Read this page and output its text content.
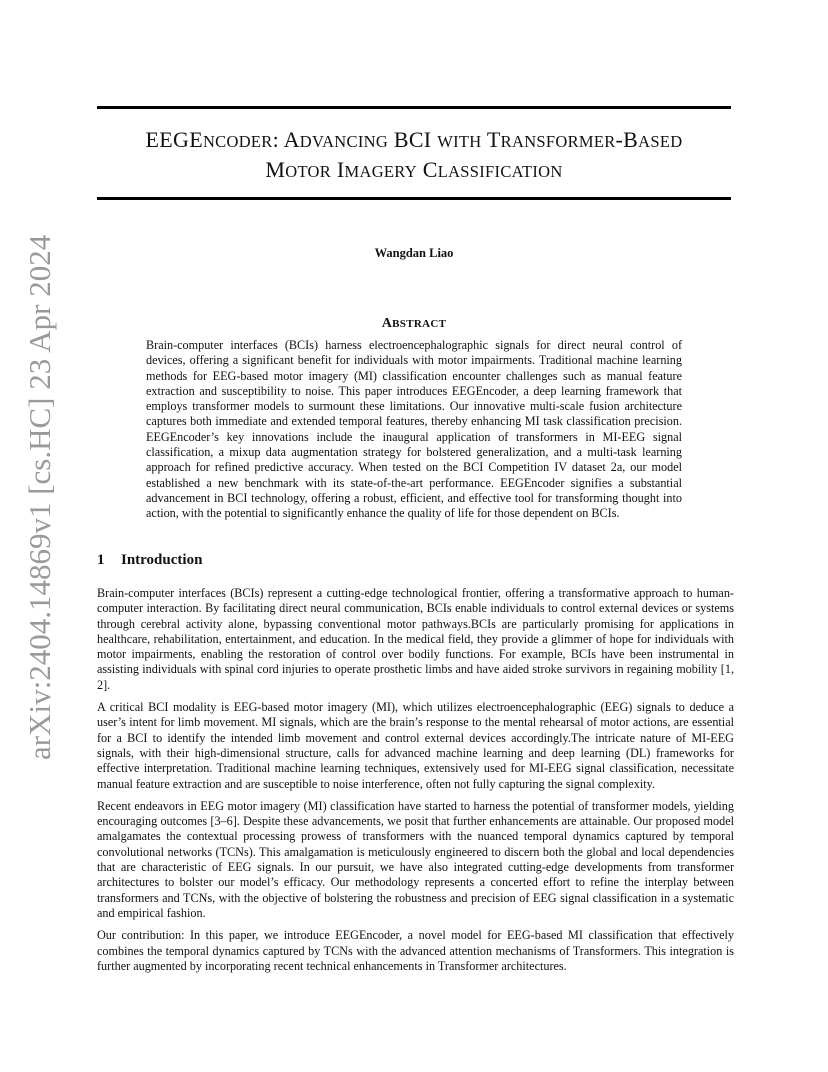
arXiv:2404.14869v1 [cs.HC] 23 Apr 2024
EEGENCODER: ADVANCING BCI WITH TRANSFORMER-BASED
MOTOR IMAGERY CLASSIFICATION
Wangdan Liao
ABSTRACT
Brain-computer interfaces (BCIs) harness electroencephalographic signals for direct neural control of devices, offering a significant benefit for individuals with motor impairments. Traditional machine learning methods for EEG-based motor imagery (MI) classification encounter challenges such as manual feature extraction and susceptibility to noise. This paper introduces EEGEncoder, a deep learning framework that employs transformer models to surmount these limitations. Our innovative multi-scale fusion architecture captures both immediate and extended temporal features, thereby enhancing MI task classification precision. EEGEncoder’s key innovations include the inaugural application of transformers in MI-EEG signal classification, a mixup data augmentation strategy for bolstered generalization, and a multi-task learning approach for refined predictive accuracy. When tested on the BCI Competition IV dataset 2a, our model established a new benchmark with its state-of-the-art performance. EEGEncoder signifies a substantial advancement in BCI technology, offering a robust, efficient, and effective tool for transforming thought into action, with the potential to significantly enhance the quality of life for those dependent on BCIs.
1 Introduction

Brain-computer interfaces (BCIs) represent a cutting-edge technological frontier, offering a transformative approach to human-computer interaction. By facilitating direct neural communication, BCIs enable individuals to control external devices or systems through cerebral activity alone, bypassing conventional motor pathways.BCIs are particularly promising for applications in healthcare, rehabilitation, entertainment, and education. In the medical field, they provide a glimmer of hope for individuals with motor impairments, enabling the restoration of control over bodily functions. For example, BCIs have been instrumental in assisting individuals with spinal cord injuries to operate prosthetic limbs and have aided stroke survivors in regaining mobility [1, 2].

A critical BCI modality is EEG-based motor imagery (MI), which utilizes electroencephalographic (EEG) signals to deduce a user’s intent for limb movement. MI signals, which are the brain’s response to the mental rehearsal of motor actions, are essential for a BCI to identify the intended limb movement and control external devices accordingly.The intricate nature of MI-EEG signals, with their high-dimensional structure, calls for advanced machine learning and deep learning (DL) frameworks for effective interpretation. Traditional machine learning techniques, extensively used for MI-EEG signal classification, necessitate manual feature extraction and are susceptible to noise interference, often not fully capturing the signal complexity.

Recent endeavors in EEG motor imagery (MI) classification have started to harness the potential of transformer models, yielding encouraging outcomes [3–6]. Despite these advancements, we posit that further enhancements are attainable. Our proposed model amalgamates the contextual processing prowess of transformers with the nuanced temporal dynamics captured by temporal convolutional networks (TCNs). This amalgamation is meticulously engineered to discern both the global and local dependencies that are characteristic of EEG signals. In our pursuit, we have also integrated cutting-edge developments from transformer architectures to bolster our model’s efficacy. Our methodology represents a concerted effort to refine the interplay between transformers and TCNs, with the objective of bolstering the robustness and precision of EEG signal classification in a systematic and empirical fashion.

Our contribution: In this paper, we introduce EEGEncoder, a novel model for EEG-based MI classification that effectively combines the temporal dynamics captured by TCNs with the advanced attention mechanisms of Transformers. This integration is further augmented by incorporating recent technical enhancements in Transformer architectures.
